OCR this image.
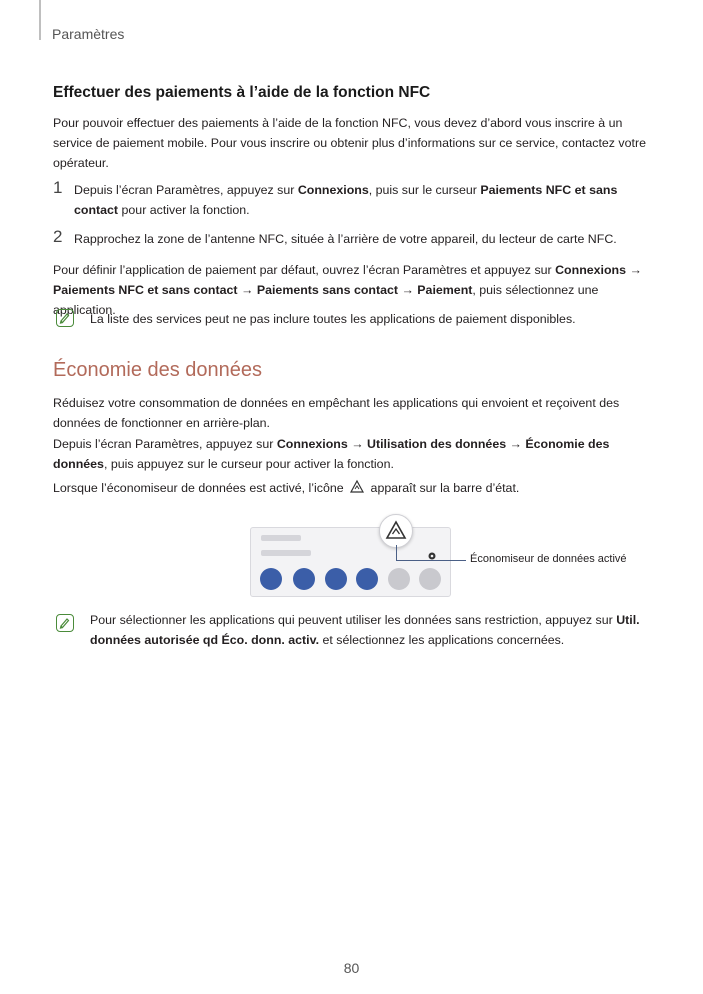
Paramètres
Effectuer des paiements à l’aide de la fonction NFC
Pour pouvoir effectuer des paiements à l’aide de la fonction NFC, vous devez d’abord vous inscrire à un service de paiement mobile. Pour vous inscrire ou obtenir plus d’informations sur ce service, contactez votre opérateur.
1 Depuis l’écran Paramètres, appuyez sur Connexions, puis sur le curseur Paiements NFC et sans contact pour activer la fonction.
2 Rapprochez la zone de l’antenne NFC, située à l’arrière de votre appareil, du lecteur de carte NFC.
Pour définir l’application de paiement par défaut, ouvrez l’écran Paramètres et appuyez sur Connexions → Paiements NFC et sans contact → Paiements sans contact → Paiement, puis sélectionnez une application.
La liste des services peut ne pas inclure toutes les applications de paiement disponibles.
Économie des données
Réduisez votre consommation de données en empêchant les applications qui envoient et reçoivent des données de fonctionner en arrière-plan.
Depuis l’écran Paramètres, appuyez sur Connexions → Utilisation des données → Économie des données, puis appuyez sur le curseur pour activer la fonction.
Lorsque l’économiseur de données est activé, l’icône  apparaît sur la barre d’état.
Économiseur de données activé
Pour sélectionner les applications qui peuvent utiliser les données sans restriction, appuyez sur Util. données autorisée qd Éco. donn. activ. et sélectionnez les applications concernées.
80
